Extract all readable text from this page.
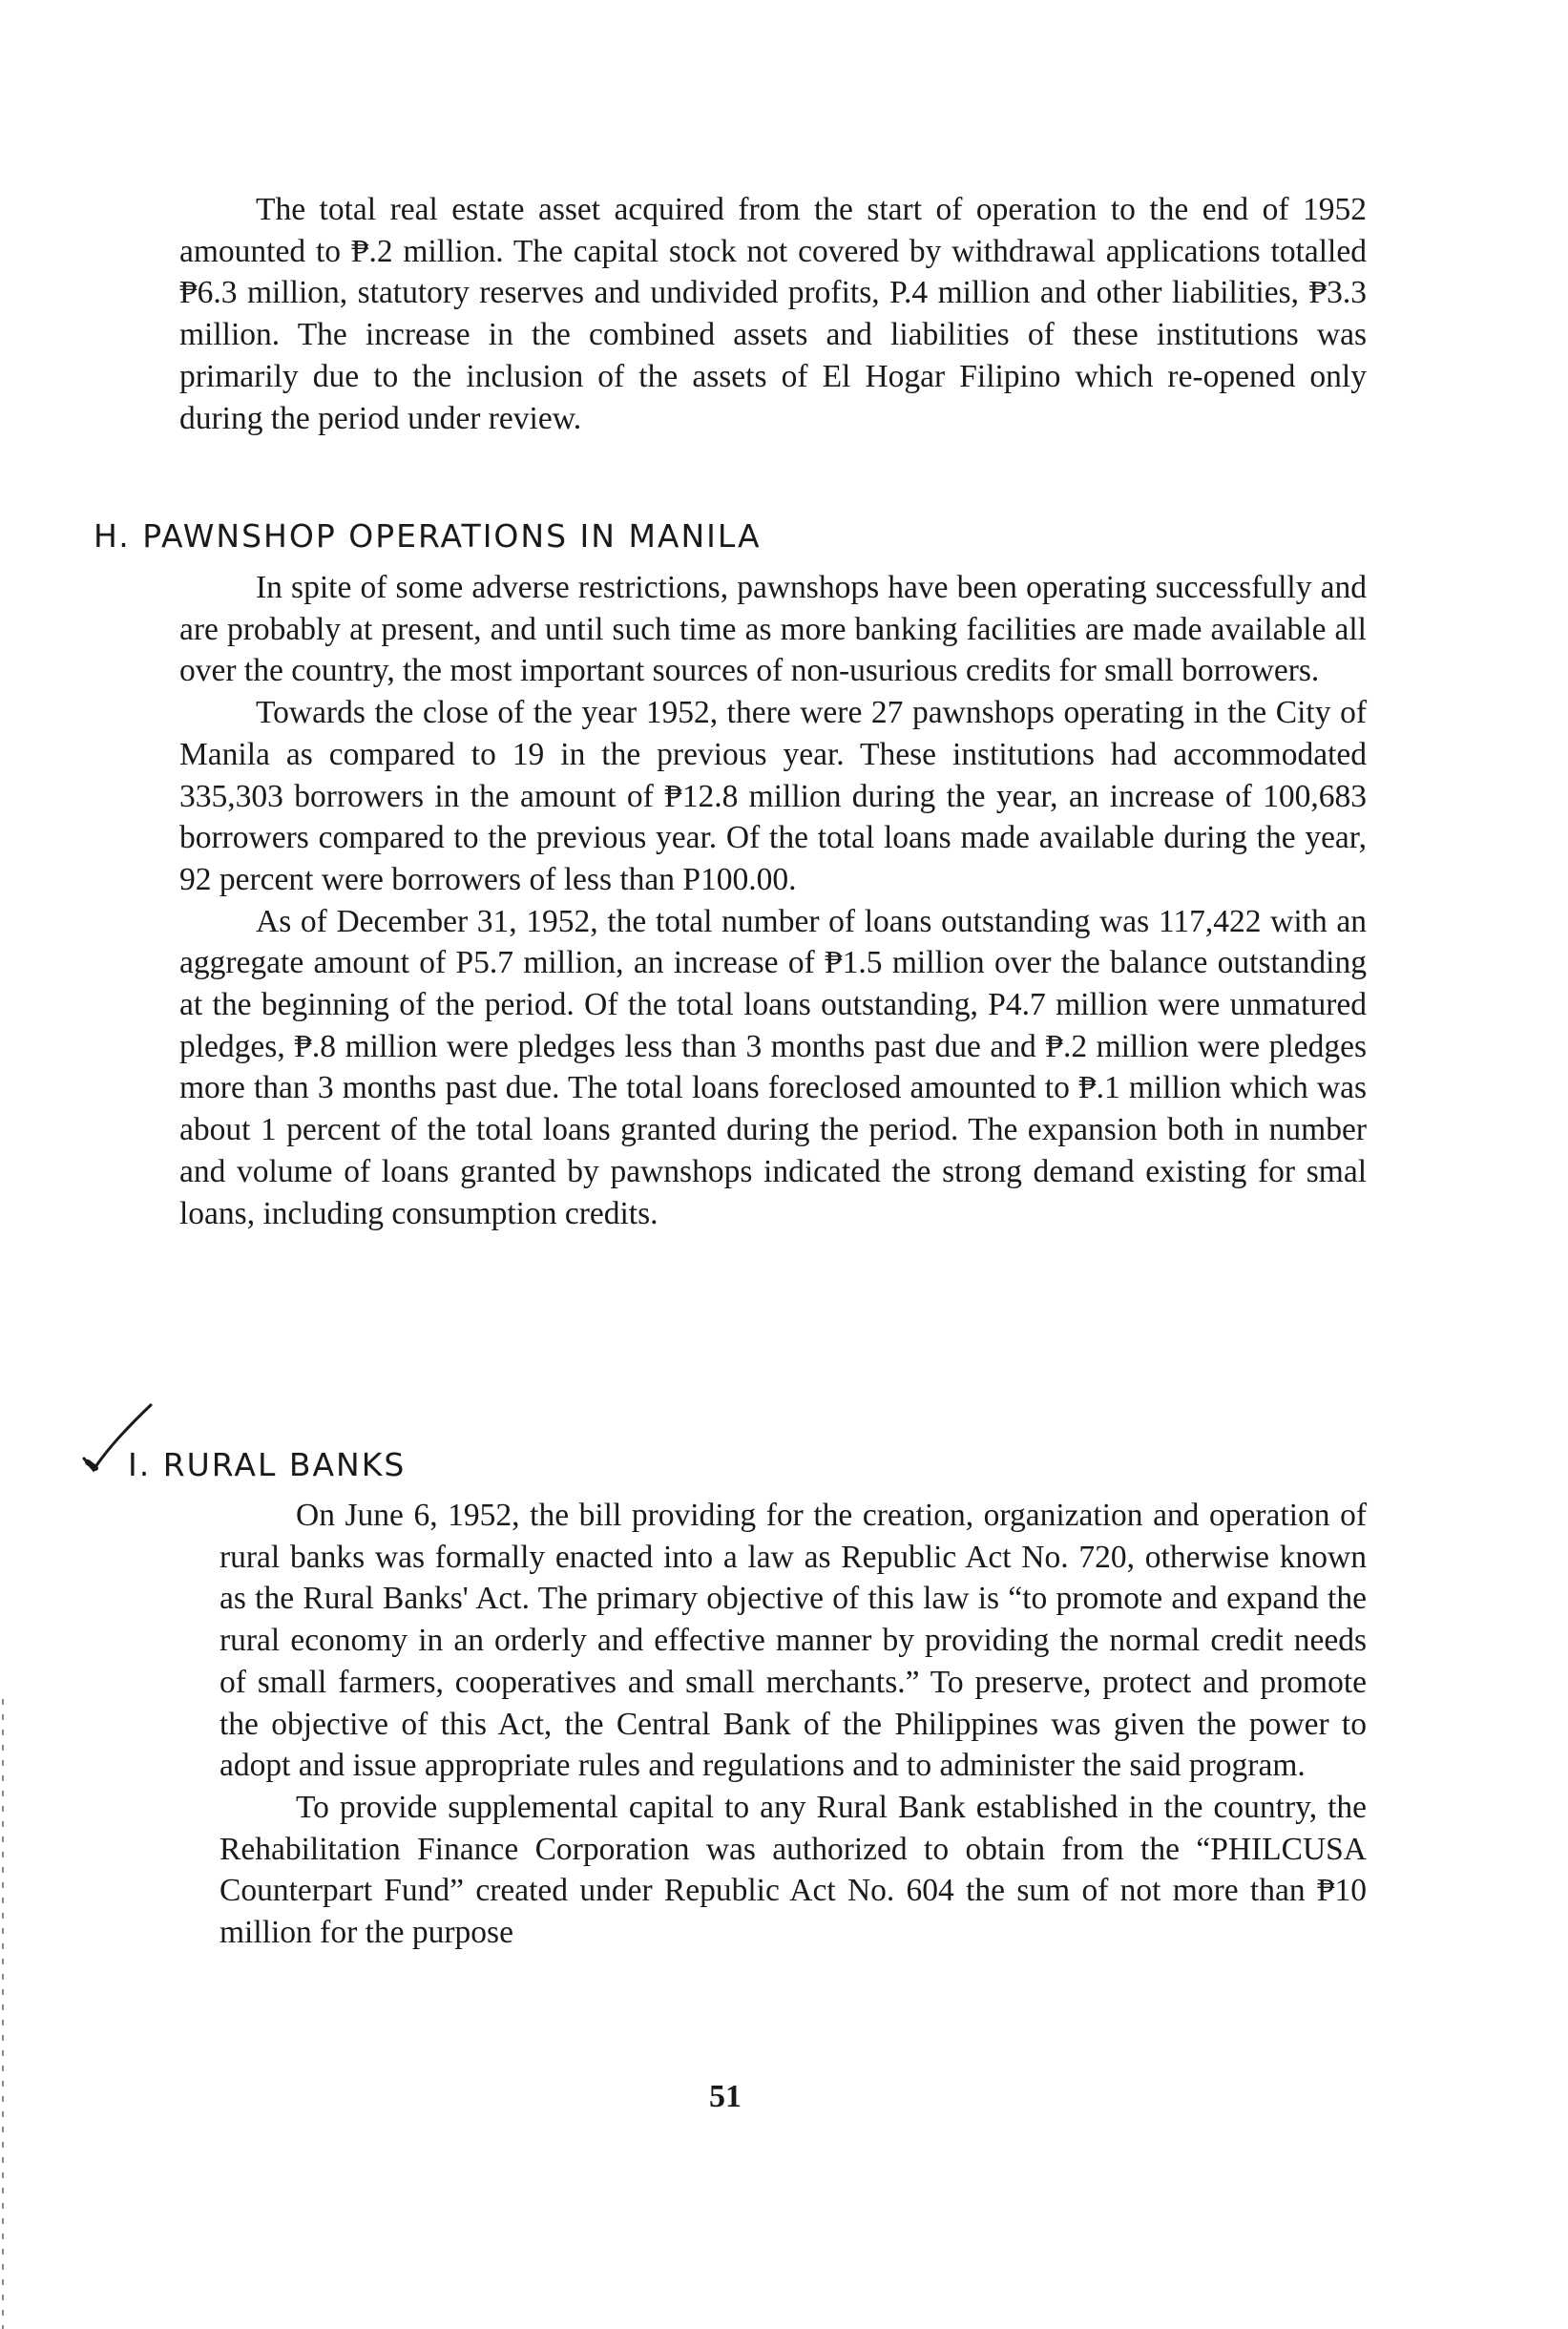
The total real estate asset acquired from the start of operation to the end of 1952 amounted to ₱.2 million. The capital stock not covered by withdrawal applications totalled ₱6.3 million, statutory reserves and undivided profits, P.4 million and other liabilities, ₱3.3 million. The increase in the combined assets and liabilities of these institutions was primarily due to the inclusion of the assets of El Hogar Filipino which re-opened only during the period under review.

H. PAWNSHOP OPERATIONS IN MANILA

In spite of some adverse restrictions, pawnshops have been operating successfully and are probably at present, and until such time as more banking facilities are made available all over the country, the most important sources of non-usurious credits for small borrowers.

Towards the close of the year 1952, there were 27 pawnshops operating in the City of Manila as compared to 19 in the previous year. These institutions had accommodated 335,303 borrowers in the amount of ₱12.8 million during the year, an increase of 100,683 borrowers compared to the previous year. Of the total loans made available during the year, 92 percent were borrowers of less than P100.00.

As of December 31, 1952, the total number of loans outstanding was 117,422 with an aggregate amount of P5.7 million, an increase of ₱1.5 million over the balance outstanding at the beginning of the period. Of the total loans outstanding, P4.7 million were unmatured pledges, ₱.8 million were pledges less than 3 months past due and ₱.2 million were pledges more than 3 months past due. The total loans foreclosed amounted to ₱.1 million which was about 1 percent of the total loans granted during the period. The expansion both in number and volume of loans granted by pawnshops indicated the strong demand existing for smal loans, including consumption credits.

I. RURAL BANKS

On June 6, 1952, the bill providing for the creation, organization and operation of rural banks was formally enacted into a law as Republic Act No. 720, otherwise known as the Rural Banks' Act. The primary objective of this law is “to promote and expand the rural economy in an orderly and effective manner by providing the normal credit needs of small farmers, cooperatives and small merchants.” To preserve, protect and promote the objective of this Act, the Central Bank of the Philippines was given the power to adopt and issue appropriate rules and regulations and to administer the said program.

To provide supplemental capital to any Rural Bank established in the country, the Rehabilitation Finance Corporation was authorized to obtain from the “PHILCUSA Counterpart Fund” created under Republic Act No. 604 the sum of not more than ₱10 million for the purpose

51
